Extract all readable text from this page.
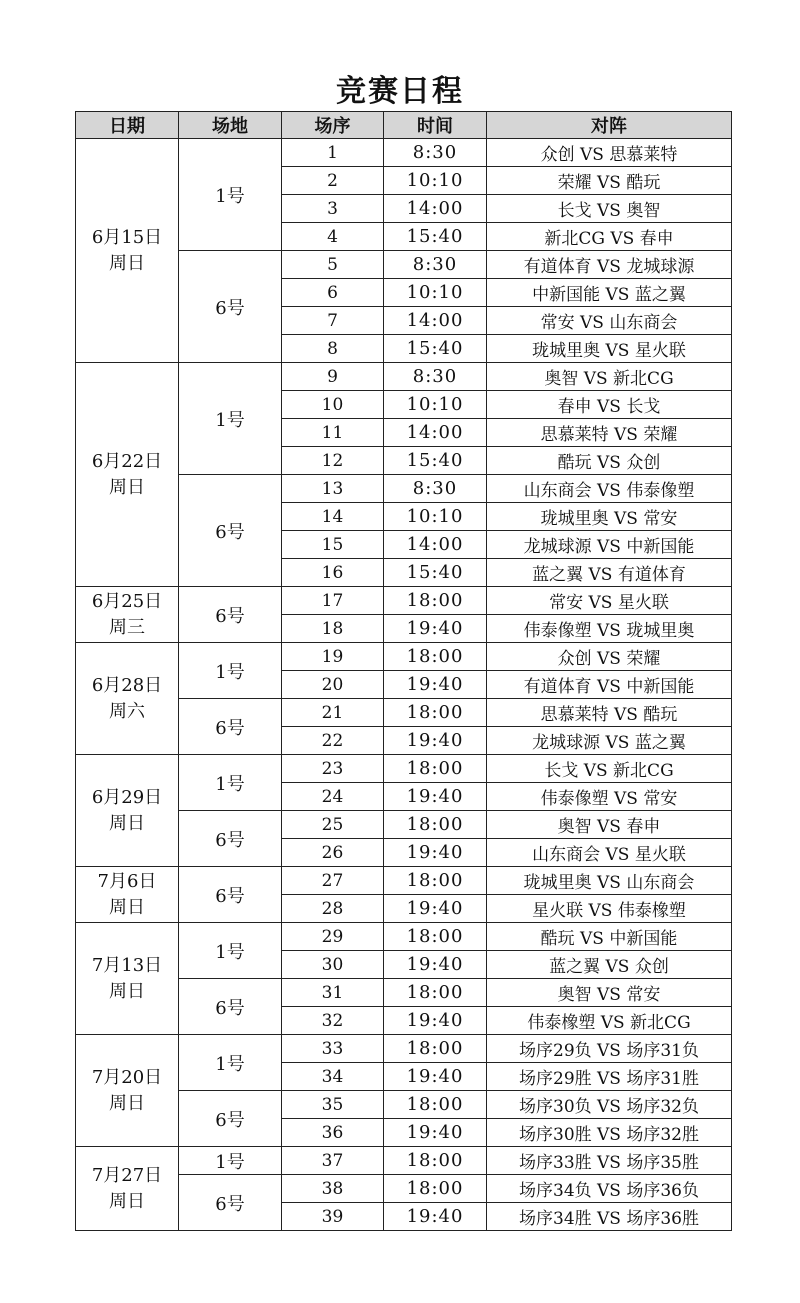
竞赛日程
日期	场地	场序	时间	对阵

6月15日
周日	1号	1	8:30	众创 VS 思慕莱特
		2	10:10	荣耀 VS 酷玩
		3	14:00	长戈 VS 奥智
		4	15:40	新北CG VS 春申
	6号	5	8:30	有道体育 VS 龙城球源
		6	10:10	中新国能 VS 蓝之翼
		7	14:00	常安 VS 山东商会
		8	15:40	珑城里奥 VS 星火联

6月22日
周日	1号	9	8:30	奥智 VS 新北CG
		10	10:10	春申 VS 长戈
		11	14:00	思慕莱特 VS 荣耀
		12	15:40	酷玩 VS 众创
	6号	13	8:30	山东商会 VS 伟泰像塑
		14	10:10	珑城里奥 VS 常安
		15	14:00	龙城球源 VS 中新国能
		16	15:40	蓝之翼 VS 有道体育

6月25日
周三	6号	17	18:00	常安 VS 星火联
		18	19:40	伟泰像塑 VS 珑城里奥

6月28日
周六	1号	19	18:00	众创 VS 荣耀
		20	19:40	有道体育 VS 中新国能
	6号	21	18:00	思慕莱特 VS 酷玩
		22	19:40	龙城球源 VS 蓝之翼

6月29日
周日	1号	23	18:00	长戈 VS 新北CG
		24	19:40	伟泰像塑 VS 常安
	6号	25	18:00	奥智 VS 春申
		26	19:40	山东商会 VS 星火联

7月6日
周日	6号	27	18:00	珑城里奥 VS 山东商会
		28	19:40	星火联 VS 伟泰橡塑

7月13日
周日	1号	29	18:00	酷玩 VS 中新国能
		30	19:40	蓝之翼 VS 众创
	6号	31	18:00	奥智 VS 常安
		32	19:40	伟泰橡塑 VS 新北CG

7月20日
周日	1号	33	18:00	场序29负 VS 场序31负
		34	19:40	场序29胜 VS 场序31胜
	6号	35	18:00	场序30负 VS 场序32负
		36	19:40	场序30胜 VS 场序32胜

7月27日
周日	1号	37	18:00	场序33胜 VS 场序35胜
	6号	38	18:00	场序34负 VS 场序36负
		39	19:40	场序34胜 VS 场序36胜
